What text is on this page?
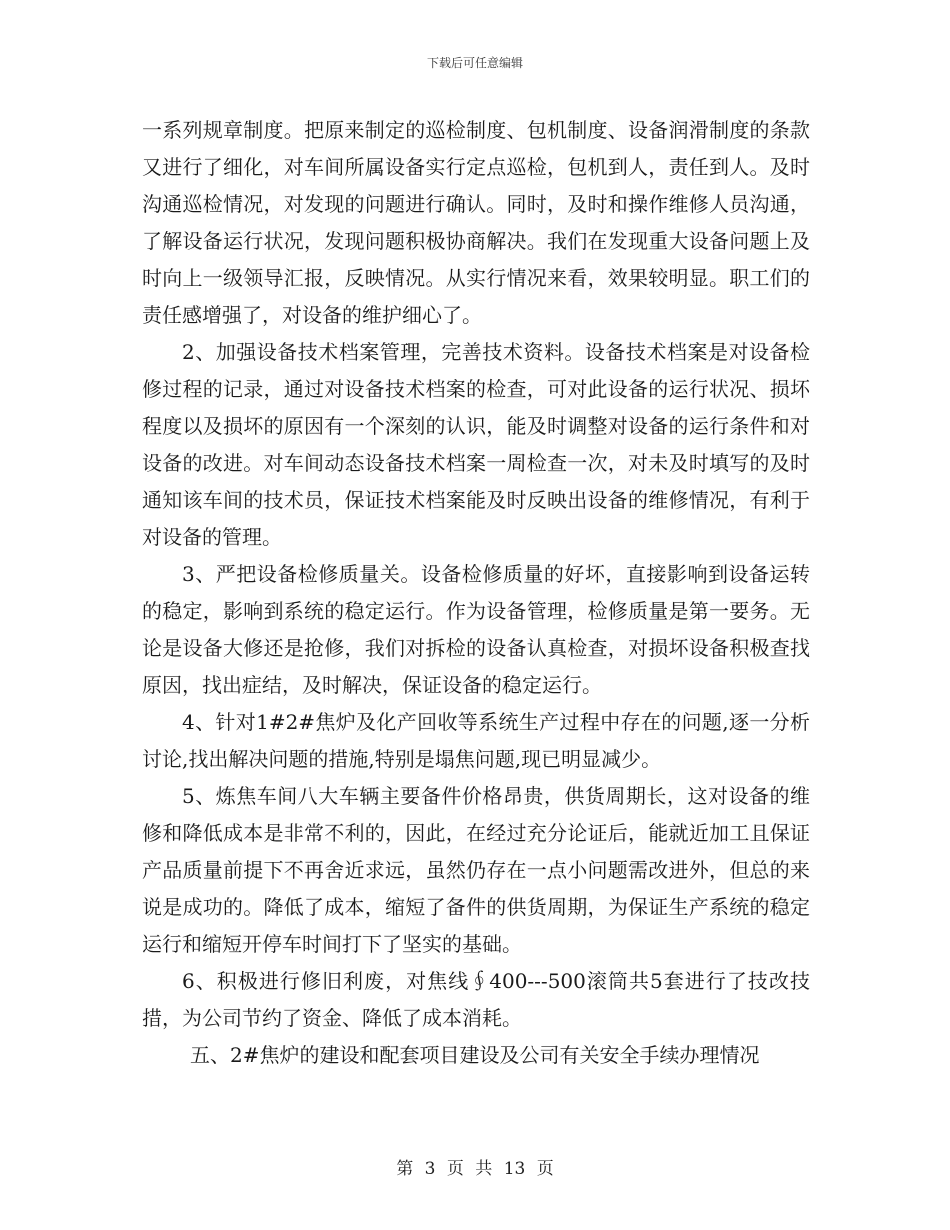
下载后可任意编辑

一系列规章制度。把原来制定的巡检制度、包机制度、设备润滑制度的条款又进行了细化，对车间所属设备实行定点巡检，包机到人，责任到人。及时沟通巡检情况，对发现的问题进行确认。同时，及时和操作维修人员沟通，了解设备运行状况，发现问题积极协商解决。我们在发现重大设备问题上及时向上一级领导汇报，反映情况。从实行情况来看，效果较明显。职工们的责任感增强了，对设备的维护细心了。

2、加强设备技术档案管理，完善技术资料。设备技术档案是对设备检修过程的记录，通过对设备技术档案的检查，可对此设备的运行状况、损坏程度以及损坏的原因有一个深刻的认识，能及时调整对设备的运行条件和对设备的改进。对车间动态设备技术档案一周检查一次，对未及时填写的及时通知该车间的技术员，保证技术档案能及时反映出设备的维修情况，有利于对设备的管理。

3、严把设备检修质量关。设备检修质量的好坏，直接影响到设备运转的稳定，影响到系统的稳定运行。作为设备管理，检修质量是第一要务。无论是设备大修还是抢修，我们对拆检的设备认真检查，对损坏设备积极查找原因，找出症结，及时解决，保证设备的稳定运行。

4、针对1#2#焦炉及化产回收等系统生产过程中存在的问题,逐一分析讨论,找出解决问题的措施,特别是塌焦问题,现已明显减少。

5、炼焦车间八大车辆主要备件价格昂贵，供货周期长，这对设备的维修和降低成本是非常不利的，因此，在经过充分论证后，能就近加工且保证产品质量前提下不再舍近求远，虽然仍存在一点小问题需改进外，但总的来说是成功的。降低了成本，缩短了备件的供货周期，为保证生产系统的稳定运行和缩短开停车时间打下了坚实的基础。

6、积极进行修旧利废，对焦线∮400---500滚筒共5套进行了技改技措，为公司节约了资金、降低了成本消耗。

五、2#焦炉的建设和配套项目建设及公司有关安全手续办理情况

第 3 页 共 13 页
